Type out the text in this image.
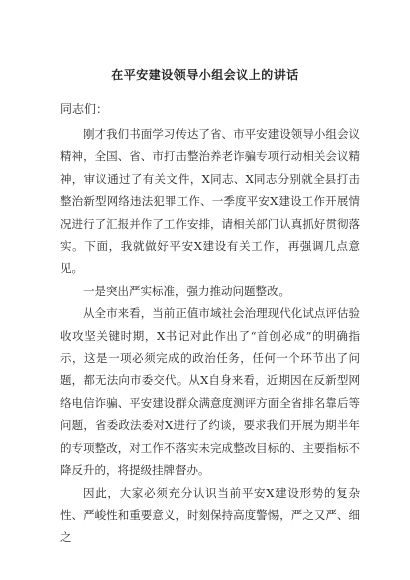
在平安建设领导小组会议上的讲话
同志们：

刚才我们书面学习传达了省、市平安建设领导小组会议精神，全国、省、市打击整治养老诈骗专项行动相关会议精神，审议通过了有关文件，X同志、X同志分别就全县打击整治新型网络违法犯罪工作、一季度平安X建设工作开展情况进行了汇报并作了工作安排，请相关部门认真抓好贯彻落实。下面，我就做好平安X建设有关工作，再强调几点意见。

一是突出严实标准，强力推动问题整改。

从全市来看，当前正值市域社会治理现代化试点评估验收攻坚关键时期，X书记对此作出了“首创必成”的明确指示，这是一项必须完成的政治任务，任何一个环节出了问题，都无法向市委交代。从X自身来看，近期因在反新型网络电信诈骗、平安建设群众满意度测评方面全省排名靠后等问题，省委政法委对X进行了约谈，要求我们开展为期半年的专项整改，对工作不落实未完成整改目标的、主要指标不降反升的，将提级挂牌督办。

因此，大家必须充分认识当前平安X建设形势的复杂性、严峻性和重要意义，时刻保持高度警惕，严之又严、细之
